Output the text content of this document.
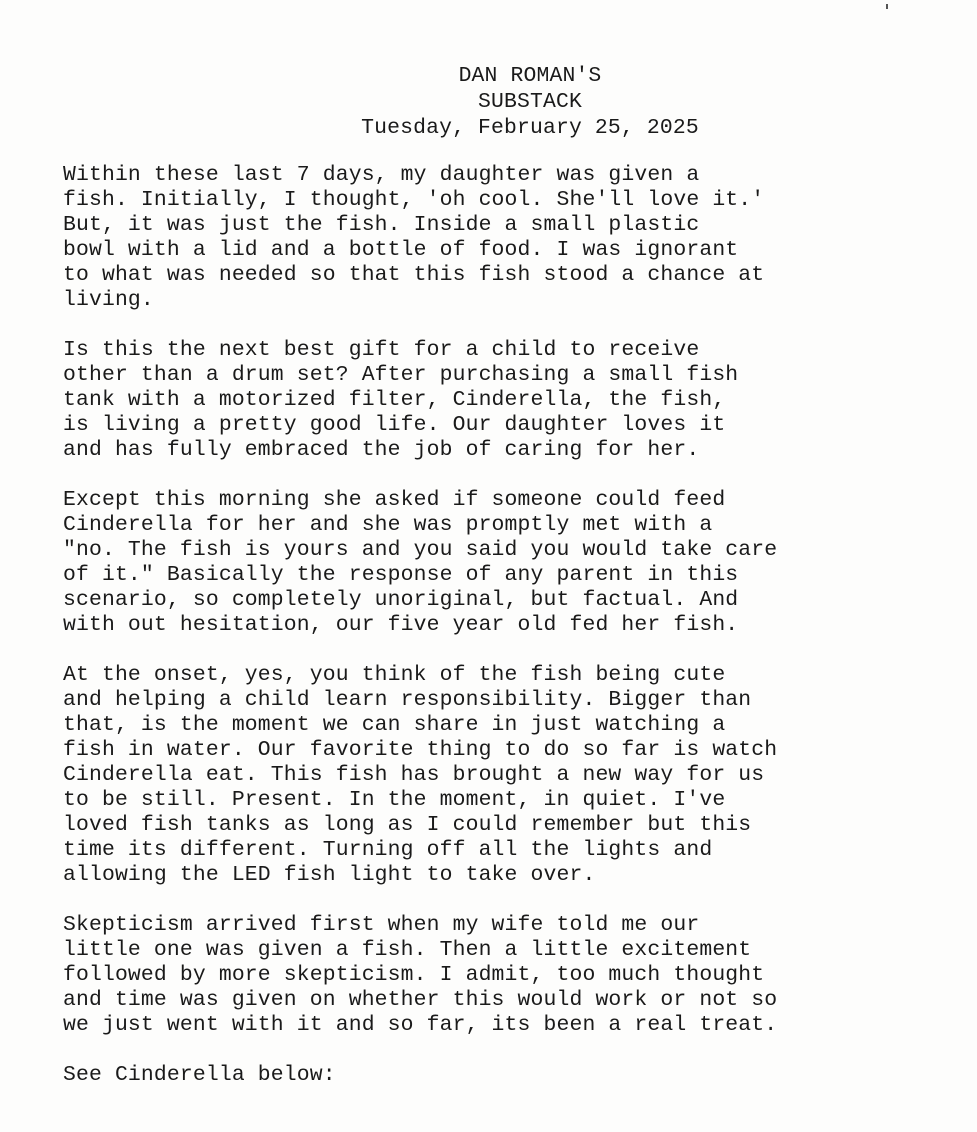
DAN ROMAN'S
SUBSTACK
Tuesday, February 25, 2025
Within these last 7 days, my daughter was given a
fish. Initially, I thought, 'oh cool. She'll love it.'
But, it was just the fish. Inside a small plastic
bowl with a lid and a bottle of food. I was ignorant
to what was needed so that this fish stood a chance at
living.
Is this the next best gift for a child to receive
other than a drum set? After purchasing a small fish
tank with a motorized filter, Cinderella, the fish,
is living a pretty good life. Our daughter loves it
and has fully embraced the job of caring for her.
Except this morning she asked if someone could feed
Cinderella for her and she was promptly met with a
"no. The fish is yours and you said you would take care
of it." Basically the response of any parent in this
scenario, so completely unoriginal, but factual. And
with out hesitation, our five year old fed her fish.
At the onset, yes, you think of the fish being cute
and helping a child learn responsibility. Bigger than
that, is the moment we can share in just watching a
fish in water. Our favorite thing to do so far is watch
Cinderella eat. This fish has brought a new way for us
to be still. Present. In the moment, in quiet. I've
loved fish tanks as long as I could remember but this
time its different. Turning off all the lights and
allowing the LED fish light to take over.
Skepticism arrived first when my wife told me our
little one was given a fish. Then a little excitement
followed by more skepticism. I admit, too much thought
and time was given on whether this would work or not so
we just went with it and so far, its been a real treat.
See Cinderella below:
